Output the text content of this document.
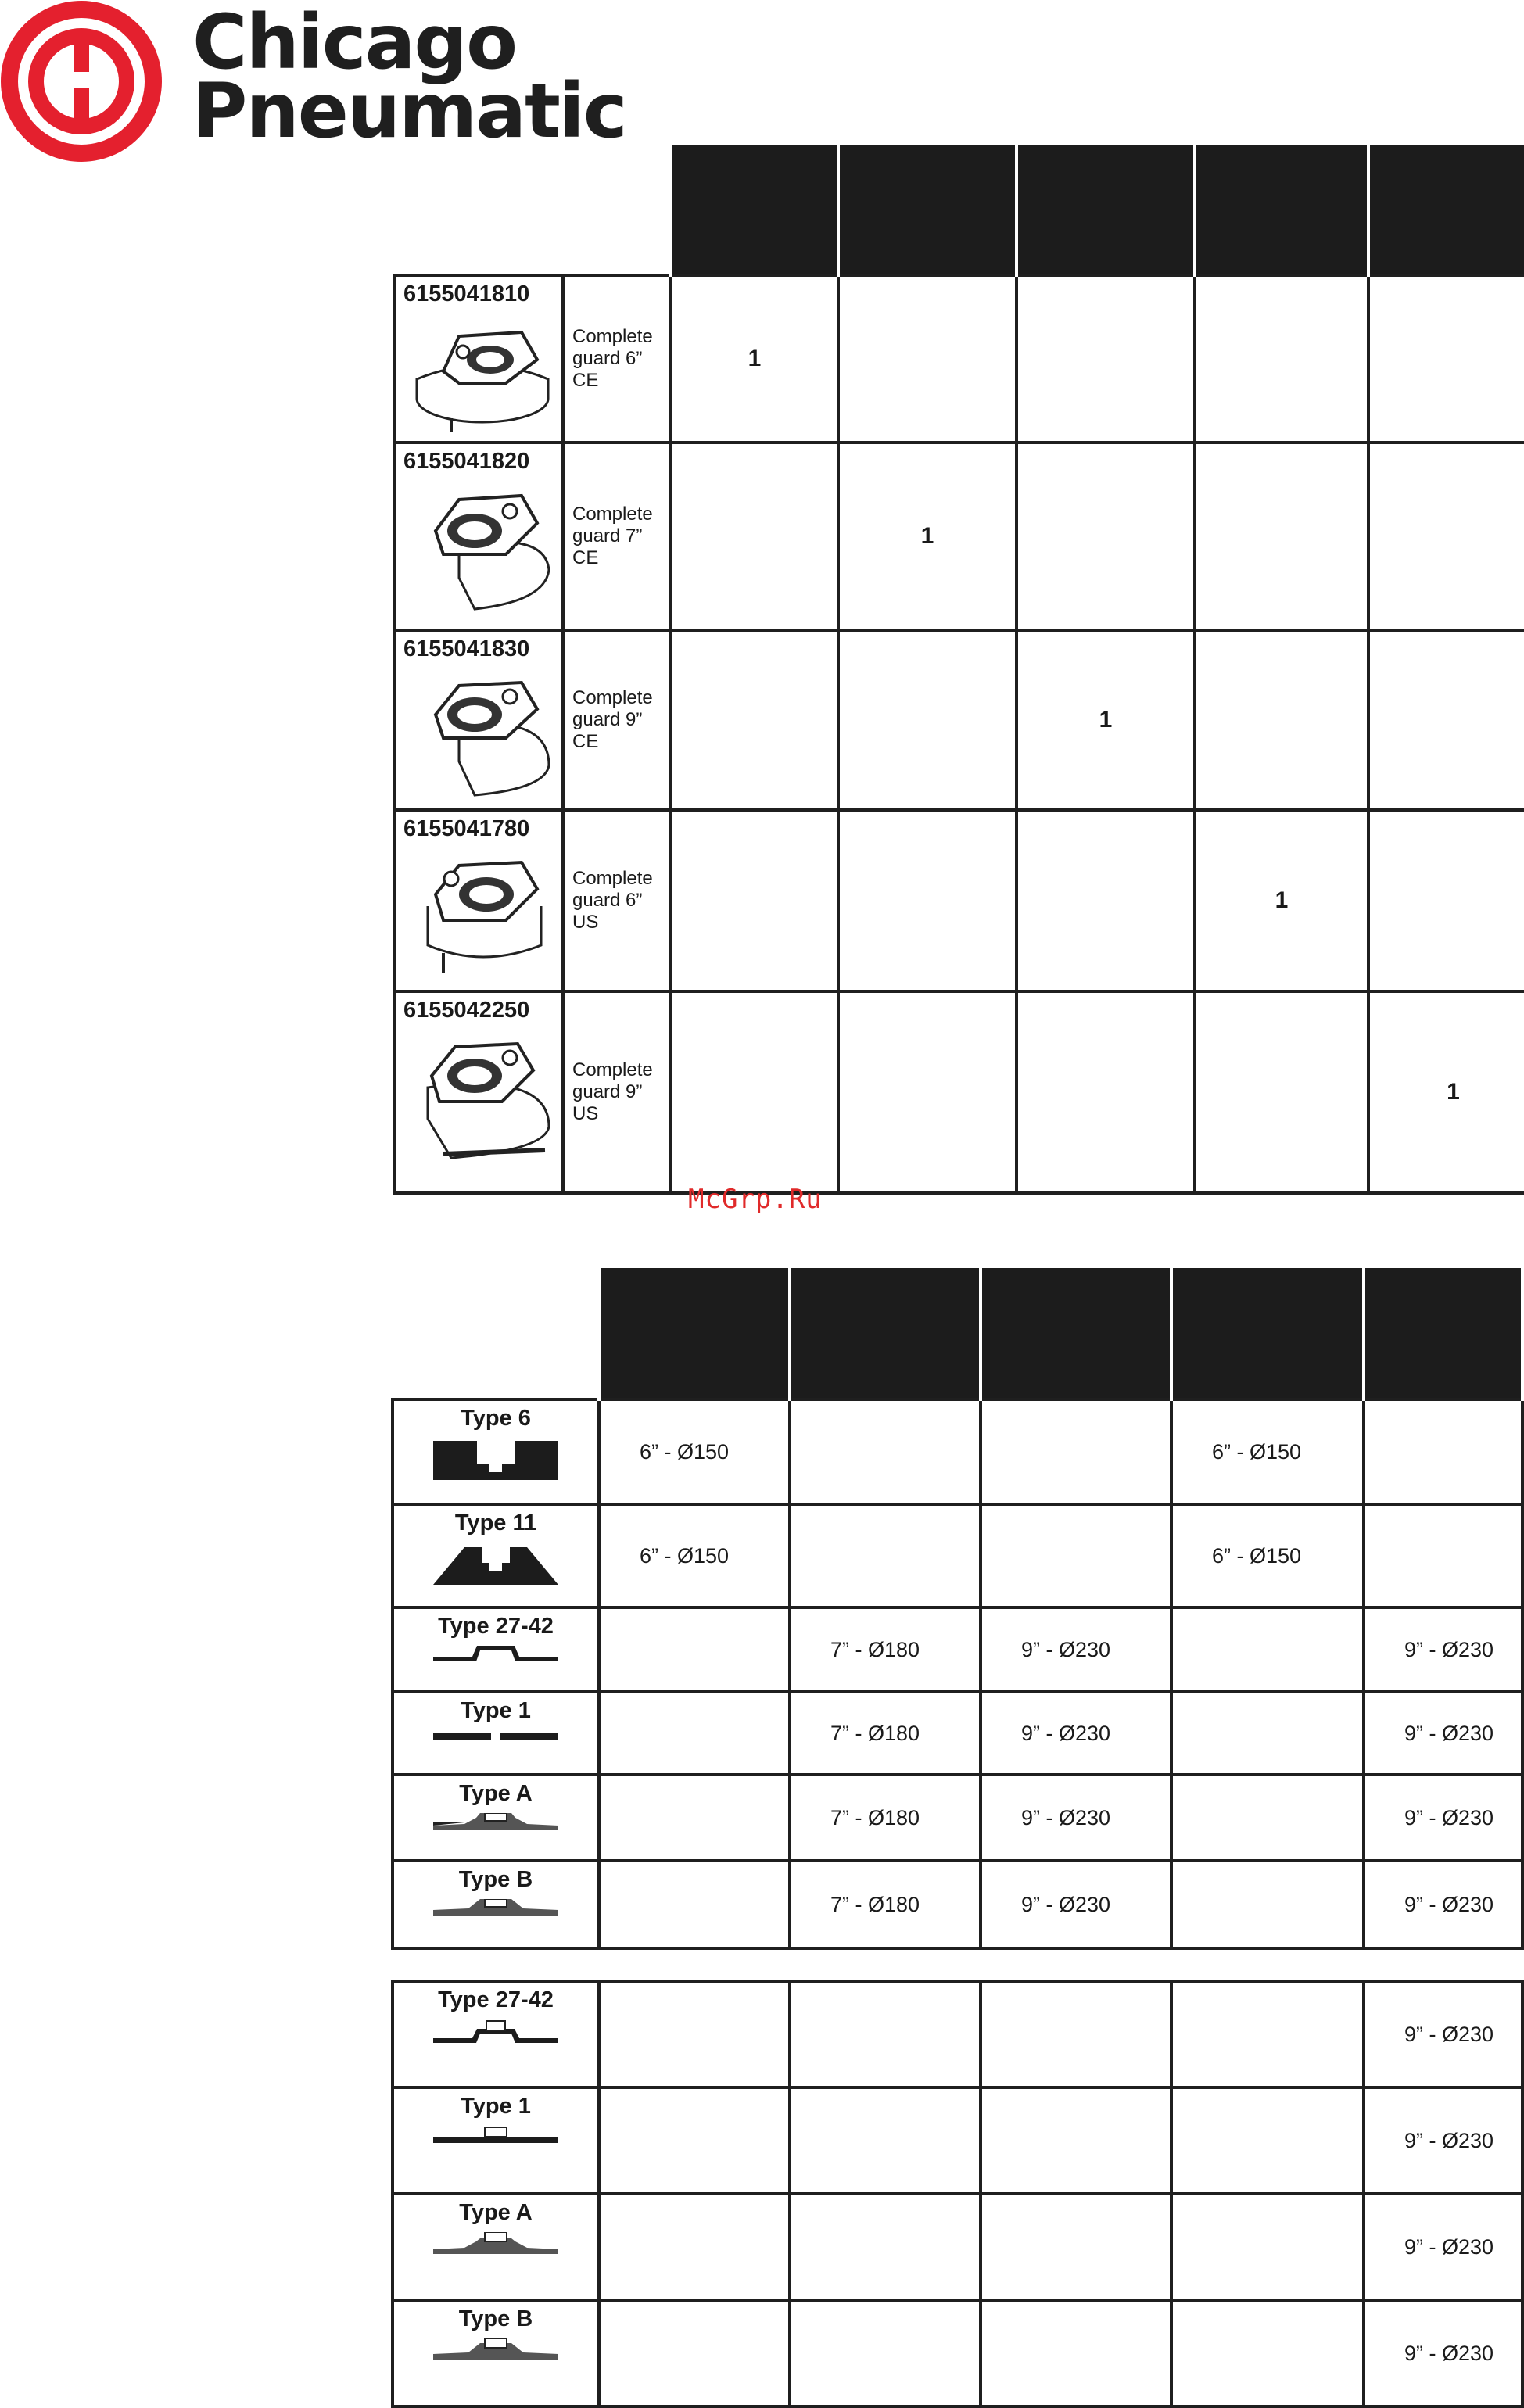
Chicago
Pneumatic

6155041810	Complete
guard 6”
CE	1				

6155041820	Complete
guard 7”
CE		1			

6155041830	Complete
guard 9”
CE			1		

6155041780	Complete
guard 6”
US				1	

6155042250	Complete
guard 9”
US					1
McGrp.Ru

Type 6	6” - Ø150			6” - Ø150	
Type 11	6” - Ø150			6” - Ø150	
Type 27-42		7” - Ø180	9” - Ø230		9” - Ø230
Type 1		7” - Ø180	9” - Ø230		9” - Ø230
Type A		7” - Ø180	9” - Ø230		9” - Ø230
Type B		7” - Ø180	9” - Ø230		9” - Ø230
Type 27-42					9” - Ø230
Type 1					9” - Ø230
Type A					9” - Ø230
Type B					9” - Ø230
